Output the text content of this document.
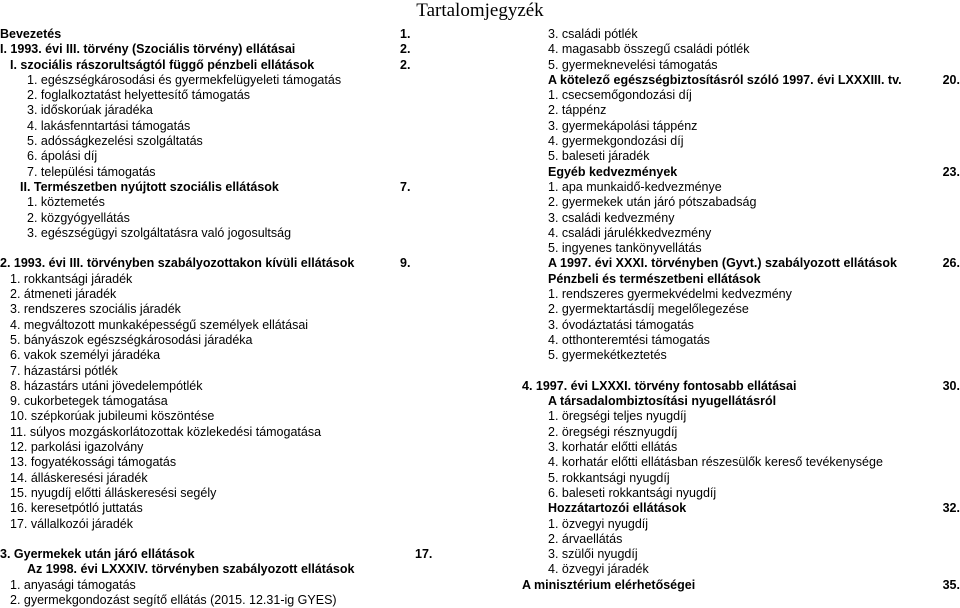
Tartalomjegyzék
Bevezetés	1.
I. 1993. évi III. törvény (Szociális törvény) ellátásai	2.
I. szociális rászorultságtól függő pénzbeli ellátások	2.
1. egészségkárosodási és gyermekfelügyeleti támogatás
2. foglalkoztatást helyettesítő támogatás
3. időskorúak járadéka
4. lakásfenntartási támogatás
5. adósságkezelési szolgáltatás
6. ápolási díj
7. települési támogatás
II. Természetben nyújtott szociális ellátások	7.
1. köztemetés
2. közgyógyellátás
3. egészségügyi szolgáltatásra való jogosultság
2. 1993. évi III. törvényben szabályozottakon kívüli ellátások	9.
1. rokkantsági járadék
2. átmeneti járadék
3. rendszeres szociális járadék
4. megváltozott munkaképességű személyek ellátásai
5. bányászok egészségkárosodási járadéka
6. vakok személyi járadéka
7. házastársi pótlék
8. házastárs utáni jövedelempótlék
9. cukorbetegek támogatása
10. szépkorúak jubileumi köszöntése
11. súlyos mozgáskorlátozottak közlekedési támogatása
12. parkolási igazolvány
13. fogyatékossági támogatás
14. álláskeresési járadék
15. nyugdíj előtti álláskeresési segély
16. keresetpótló juttatás
17. vállalkozói járadék
3. Gyermekek után járó ellátások	17.
Az 1998. évi LXXXIV. törvényben szabályozott ellátások
1. anyasági támogatás
2. gyermekgondozást segítő ellátás (2015. 12.31-ig GYES)
3. családi pótlék
4. magasabb összegű családi pótlék
5. gyermeknevelési támogatás
A kötelező egészségbiztosításról szóló 1997. évi LXXXIII. tv.	20.
1. csecsemőgondozási díj
2. táppénz
3. gyermekápolási táppénz
4. gyermekgondozási díj
5. baleseti járadék
Egyéb kedvezmények	23.
1. apa munkaidő-kedvezménye
2. gyermekek után járó pótszabadság
3. családi kedvezmény
4. családi járulékkedvezmény
5. ingyenes tankönyvellátás
A 1997. évi XXXI. törvényben (Gyvt.) szabályozott ellátások	26.
Pénzbeli és természetbeni ellátások
1. rendszeres gyermekvédelmi kedvezmény
2. gyermektartásdíj megelőlegezése
3. óvodáztatási támogatás
4. otthonteremtési támogatás
5. gyermekétkeztetés
4. 1997. évi LXXXI. törvény fontosabb ellátásai	30.
A társadalombiztosítási nyugellátásról
1. öregségi teljes nyugdíj
2. öregségi résznyugdíj
3. korhatár előtti ellátás
4. korhatár előtti ellátásban részesülők kereső tevékenysége
5. rokkantsági nyugdíj
6. baleseti rokkantsági nyugdíj
Hozzátartozói ellátások	32.
1. özvegyi nyugdíj
2. árvaellátás
3. szülői nyugdíj
4. özvegyi járadék
A minisztérium elérhetőségei	35.
